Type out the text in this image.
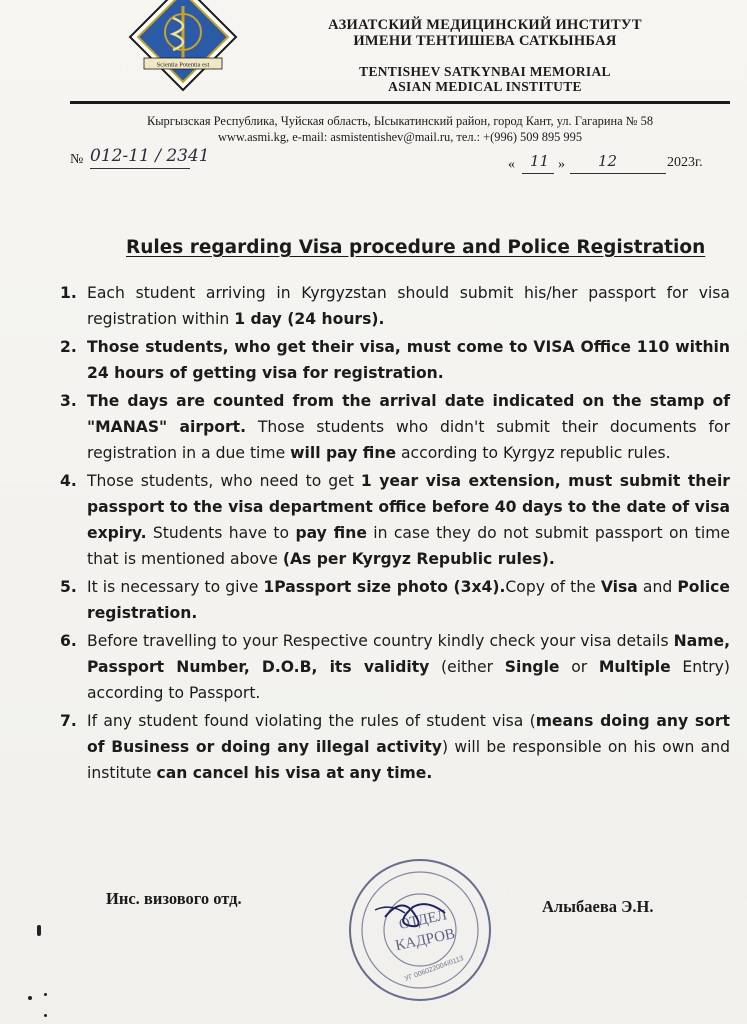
Scientia Potentia est
АЗИАТСКИЙ МЕДИЦИНСКИЙ ИНСТИТУТ
ИМЕНИ ТЕНТИШЕВА САТКЫНБАЯ
TENTISHEV SATKYNBAI MEMORIAL
ASIAN MEDICAL INSTITUTE
Кыргызская Республика, Чуйская область, Ысыкатинский район, город Кант, ул. Гагарина № 58
www.asmi.kg, e-mail: asmistentishev@mail.ru, тел.: +(996) 509 895 995
№ 012-11 / 2341	« 11 » 12	2023г.
Rules regarding Visa procedure and Police Registration
1. Each student arriving in Kyrgyzstan should submit his/her passport for visa registration within 1 day (24 hours).
2. Those students, who get their visa, must come to VISA Office 110 within 24 hours of getting visa for registration.
3. The days are counted from the arrival date indicated on the stamp of "MANAS" airport. Those students who didn't submit their documents for registration in a due time will pay fine according to Kyrgyz republic rules.
4. Those students, who need to get 1 year visa extension, must submit their passport to the visa department office before 40 days to the date of visa expiry. Students have to pay fine in case they do not submit passport on time that is mentioned above (As per Kyrgyz Republic rules).
5. It is necessary to give 1Passport size photo (3x4).Copy of the Visa and Police registration.
6. Before travelling to your Respective country kindly check your visa details Name, Passport Number, D.O.B, its validity (either Single or Multiple Entry) according to Passport.
7. If any student found violating the rules of student visa (means doing any sort of Business or doing any illegal activity) will be responsible on his own and institute can cancel his visa at any time.
Инс. визового отд.
ОТДЕЛ
КАДРОВ
УГ 006022004/0113
Алыбаева Э.Н.
